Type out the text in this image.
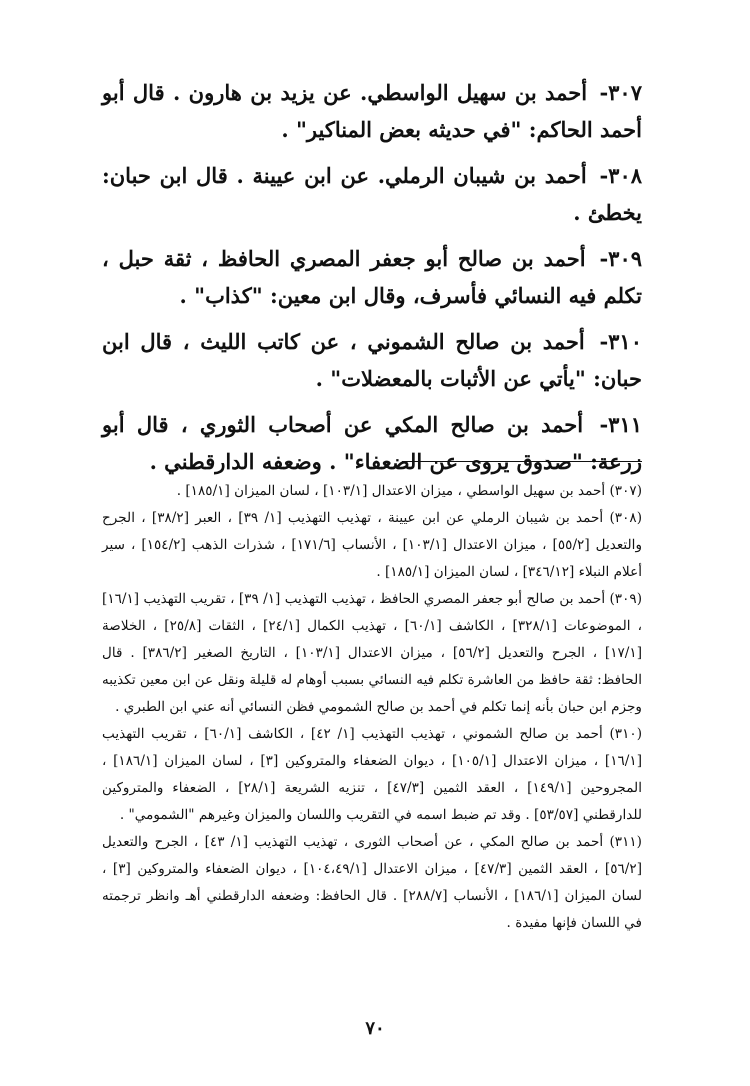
٣٠٧- أحمد بن سهيل الواسطي. عن يزيد بن هارون . قال أبو أحمد الحاكم: "في حديثه بعض المناكير" .

٣٠٨- أحمد بن شيبان الرملي. عن ابن عيينة . قال ابن حبان: يخطئ .

٣٠٩- أحمد بن صالح أبو جعفر المصري الحافظ ، ثقة حبل ، تكلم فيه النسائي فأسرف، وقال ابن معين: "كذاب" .

٣١٠- أحمد بن صالح الشموني ، عن كاتب الليث ، قال ابن حبان: "يأتي عن الأثبات بالمعضلات" .

٣١١- أحمد بن صالح المكي عن أصحاب الثوري ، قال أبو زرعة: "صدوق يروى عن الضعفاء" . وضعفه الدارقطني .

(٣٠٧) أحمد بن سهيل الواسطي ، ميزان الاعتدال [١٠٣/١] ، لسان الميزان [١٨٥/١] .

(٣٠٨) أحمد بن شيبان الرملي عن ابن عيينة ، تهذيب التهذيب [١/ ٣٩] ، العبر [٣٨/٢] ، الجرح والتعديل [٥٥/٢] ، ميزان الاعتدال [١٠٣/١] ، الأنساب [١٧١/٦] ، شذرات الذهب [١٥٤/٢] ، سير أعلام النبلاء [٣٤٦/١٢] ، لسان الميزان [١٨٥/١] .

(٣٠٩) أحمد بن صالح أبو جعفر المصري الحافظ ، تهذيب التهذيب [١/ ٣٩] ، تقريب التهذيب [١٦/١] ، الموضوعات [٣٢٨/١] ، الكاشف [٦٠/١] ، تهذيب الكمال [٢٤/١] ، الثقات [٢٥/٨] ، الخلاصة [١٧/١] ، الجرح والتعديل [٥٦/٢] ، ميزان الاعتدال [١٠٣/١] ، التاريخ الصغير [٣٨٦/٢] . قال الحافظ: ثقة حافظ من العاشرة تكلم فيه النسائي بسبب أوهام له قليلة ونقل عن ابن معين تكذيبه وجزم ابن حبان بأنه إنما تكلم في أحمد بن صالح الشمومي فظن النسائي أنه عني ابن الطبري .

(٣١٠) أحمد بن صالح الشموني ، تهذيب التهذيب [١/ ٤٢] ، الكاشف [٦٠/١] ، تقريب التهذيب [١٦/١] ، ميزان الاعتدال [١٠٥/١] ، ديوان الضعفاء والمتروكين [٣] ، لسان الميزان [١٨٦/١] ، المجروحين [١٤٩/١] ، العقد الثمين [٤٧/٣] ، تنزيه الشريعة [٢٨/١] ، الضعفاء والمتروكين للدارقطني [٥٣/٥٧] . وقد تم ضبط اسمه في التقريب واللسان والميزان وغيرهم "الشمومي" .

(٣١١) أحمد بن صالح المكي ، عن أصحاب الثورى ، تهذيب التهذيب [١/ ٤٣] ، الجرح والتعديل [٥٦/٢] ، العقد الثمين [٤٧/٣] ، ميزان الاعتدال [١٠٤،٤٩/١] ، ديوان الضعفاء والمتروكين [٣] ، لسان الميزان [١٨٦/١] ، الأنساب [٢٨٨/٧] . قال الحافظ: وضعفه الدارقطني أهـ وانظر ترجمته في اللسان فإنها مفيدة .

٧٠
